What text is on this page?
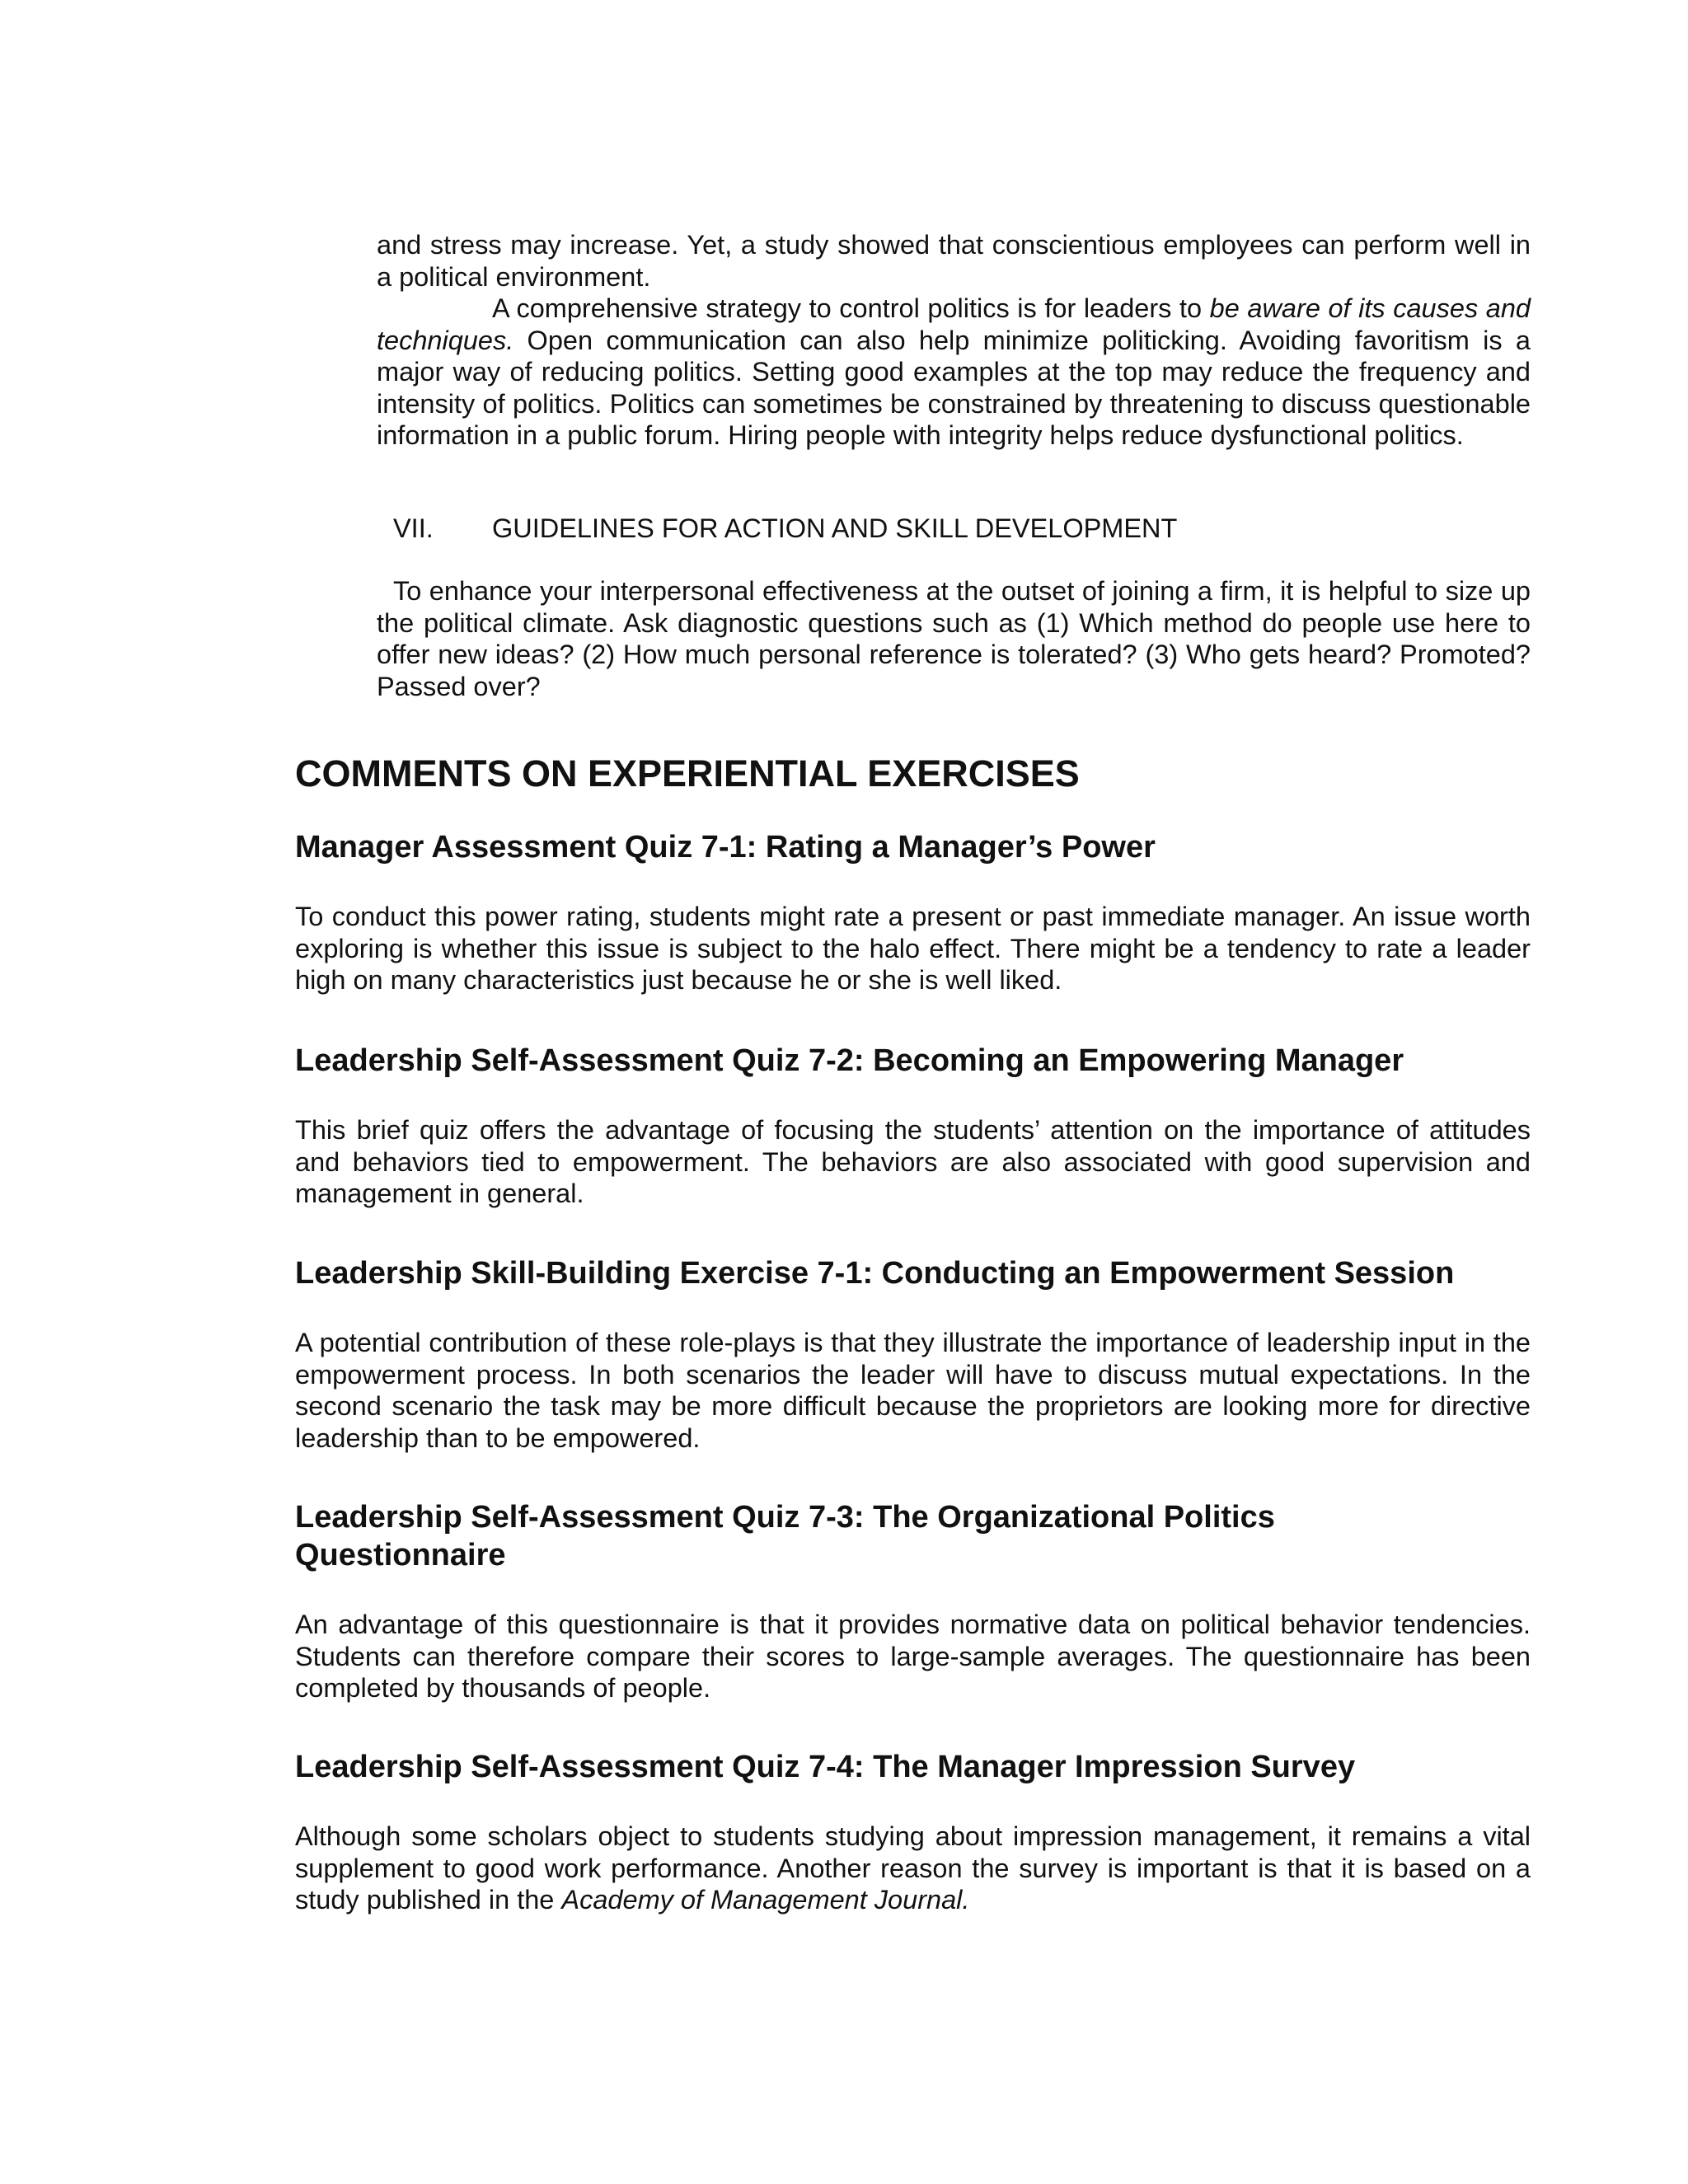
and stress may increase. Yet, a study showed that conscientious employees can perform well in a political environment.

A comprehensive strategy to control politics is for leaders to be aware of its causes and techniques. Open communication can also help minimize politicking. Avoiding favoritism is a major way of reducing politics. Setting good examples at the top may reduce the frequency and intensity of politics. Politics can sometimes be constrained by threatening to discuss questionable information in a public forum. Hiring people with integrity helps reduce dysfunctional politics.

VII. GUIDELINES FOR ACTION AND SKILL DEVELOPMENT

To enhance your interpersonal effectiveness at the outset of joining a firm, it is helpful to size up the political climate. Ask diagnostic questions such as (1) Which method do people use here to offer new ideas? (2) How much personal reference is tolerated? (3) Who gets heard? Promoted? Passed over?

COMMENTS ON EXPERIENTIAL EXERCISES
Manager Assessment Quiz 7-1: Rating a Manager’s Power

To conduct this power rating, students might rate a present or past immediate manager. An issue worth exploring is whether this issue is subject to the halo effect. There might be a tendency to rate a leader high on many characteristics just because he or she is well liked.

Leadership Self-Assessment Quiz 7-2: Becoming an Empowering Manager

This brief quiz offers the advantage of focusing the students’ attention on the importance of attitudes and behaviors tied to empowerment. The behaviors are also associated with good supervision and management in general.

Leadership Skill-Building Exercise 7-1: Conducting an Empowerment Session

A potential contribution of these role-plays is that they illustrate the importance of leadership input in the empowerment process. In both scenarios the leader will have to discuss mutual expectations. In the second scenario the task may be more difficult because the proprietors are looking more for directive leadership than to be empowered.

Leadership Self-Assessment Quiz 7-3: The Organizational Politics Questionnaire

An advantage of this questionnaire is that it provides normative data on political behavior tendencies. Students can therefore compare their scores to large-sample averages. The questionnaire has been completed by thousands of people.

Leadership Self-Assessment Quiz 7-4: The Manager Impression Survey

Although some scholars object to students studying about impression management, it remains a vital supplement to good work performance. Another reason the survey is important is that it is based on a study published in the Academy of Management Journal.
